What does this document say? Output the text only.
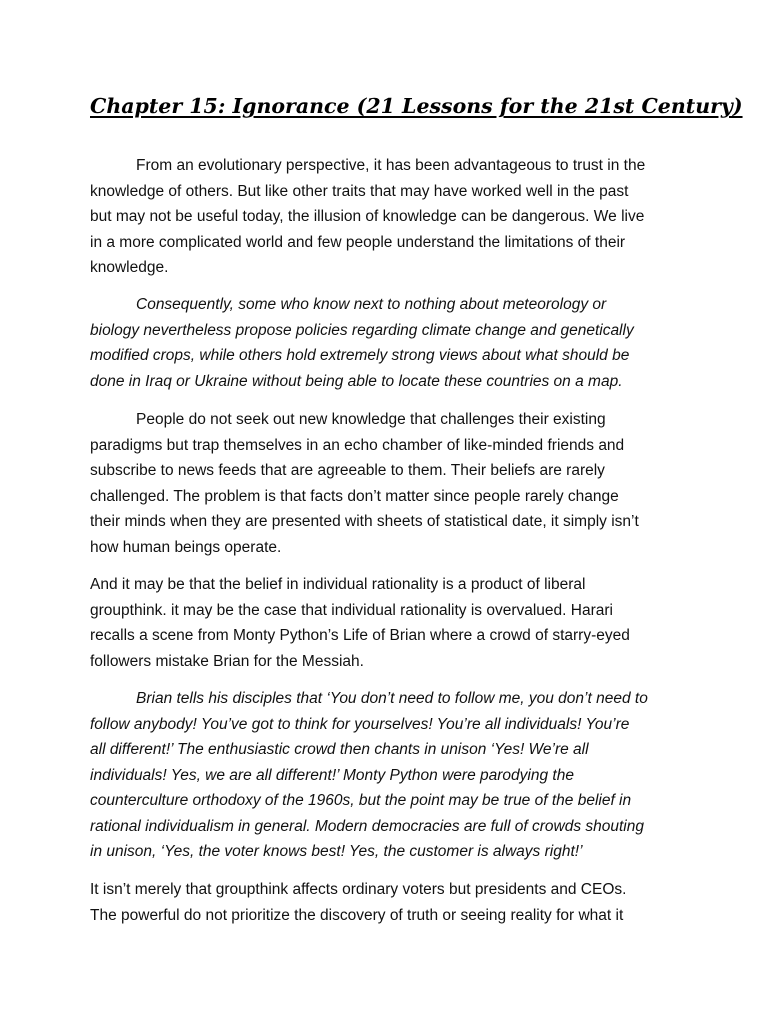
Chapter 15: Ignorance (21 Lessons for the 21st Century)

From an evolutionary perspective, it has been advantageous to trust in the
knowledge of others. But like other traits that may have worked well in the past
but may not be useful today, the illusion of knowledge can be dangerous. We live
in a more complicated world and few people understand the limitations of their
knowledge.

Consequently, some who know next to nothing about meteorology or
biology nevertheless propose policies regarding climate change and genetically
modified crops, while others hold extremely strong views about what should be
done in Iraq or Ukraine without being able to locate these countries on a map.

People do not seek out new knowledge that challenges their existing
paradigms but trap themselves in an echo chamber of like-minded friends and
subscribe to news feeds that are agreeable to them. Their beliefs are rarely
challenged. The problem is that facts don’t matter since people rarely change
their minds when they are presented with sheets of statistical date, it simply isn’t
how human beings operate.

And it may be that the belief in individual rationality is a product of liberal
groupthink. it may be the case that individual rationality is overvalued. Harari
recalls a scene from Monty Python’s Life of Brian where a crowd of starry-eyed
followers mistake Brian for the Messiah.

Brian tells his disciples that ‘You don’t need to follow me, you don’t need to
follow anybody! You’ve got to think for yourselves! You’re all individuals! You’re
all different!’ The enthusiastic crowd then chants in unison ‘Yes! We’re all
individuals! Yes, we are all different!’ Monty Python were parodying the
counterculture orthodoxy of the 1960s, but the point may be true of the belief in
rational individualism in general. Modern democracies are full of crowds shouting
in unison, ‘Yes, the voter knows best! Yes, the customer is always right!’

It isn’t merely that groupthink affects ordinary voters but presidents and CEOs.
The powerful do not prioritize the discovery of truth or seeing reality for what it
